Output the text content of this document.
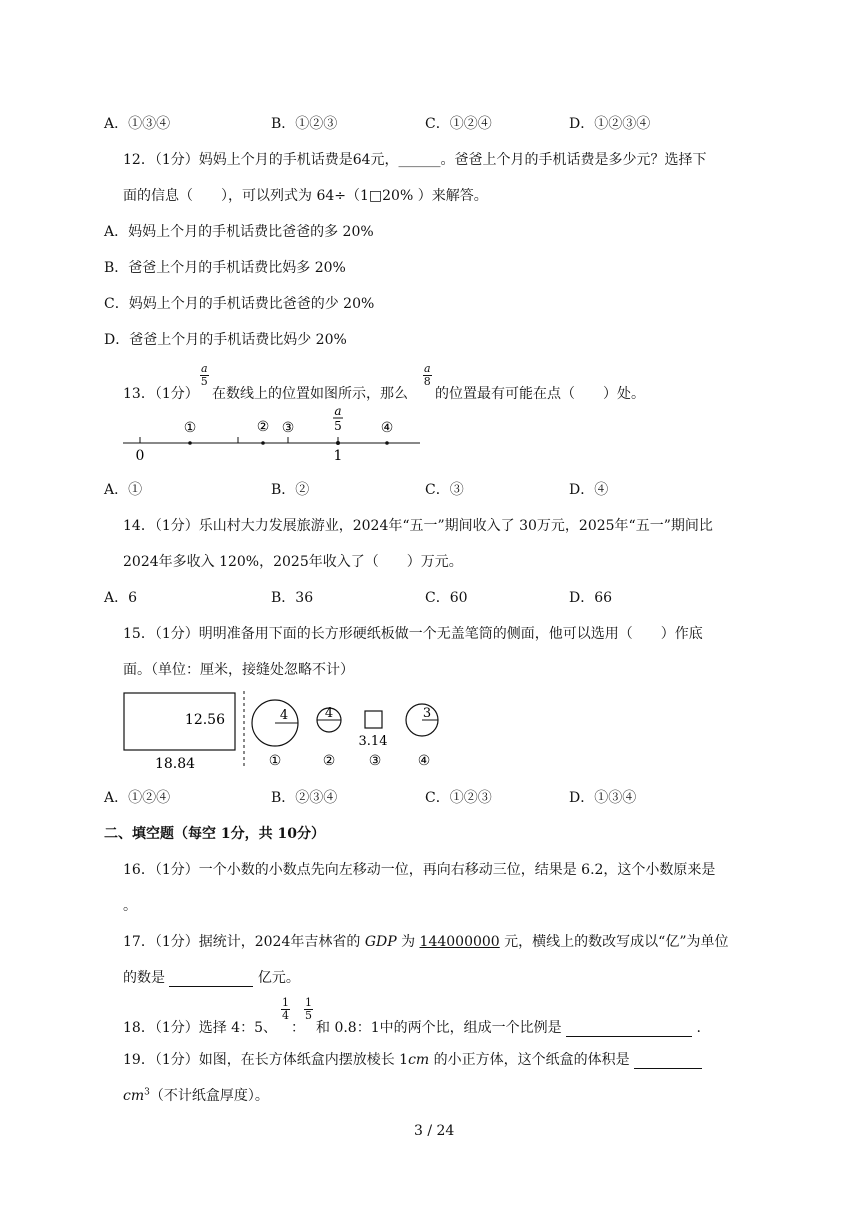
A．①③④	B．①②③	C．①②④	D．①②③④
12．（1分）妈妈上个月的手机话费是64元，______。爸爸上个月的手机话费是多少元？选择下
面的信息（　　），可以列式为 64÷（1□20% ）来解答。
A．妈妈上个月的手机话费比爸爸的多 20%
B．爸爸上个月的手机话费比妈多 20%
C．妈妈上个月的手机话费比爸爸的少 20%
D．爸爸上个月的手机话费比妈少 20%
13．（1分）
$\frac{a}{5}$
在数线上的位置如图所示，那么
$\frac{a}{8}$
的位置最有可能在点（　　）处。
①	② ③	④
a
5
0	1
A．①	B．②	C．③	D．④
14．（1分）乐山村大力发展旅游业，2024年“五一”期间收入了 30万元，2025年“五一”期间比
2024年多收入 120%，2025年收入了（　　）万元。
A．6	B．36	C．60	D．66
15．（1分）明明准备用下面的长方形硬纸板做一个无盖笔筒的侧面，他可以选用（　　）作底
面。（单位：厘米，接缝处忽略不计）
12.56
18.84
4	4
3.14
3
①	② ③	④
A．①②④	B．②③④	C．①②③	D．①③④
二、填空题（每空 1分，共 10分）
16．（1分）一个小数的小数点先向左移动一位，再向右移动三位，结果是 6.2，这个小数原来是
。
17．（1分）据统计，2024年吉林省的 GDP 为 144000000 元，横线上的数改写成以“亿”为单位
的数是	亿元。
18．（1分）选择 4：5、
$\frac{1}{4}$
：
$\frac{1}{5}$
和 0.8：1中的两个比，组成一个比例是	.
19．（1分）如图，在长方体纸盒内摆放棱长 1cm 的小正方体，这个纸盒的体积是
$cm^3$（不计纸盒厚度）。
3 / 24
